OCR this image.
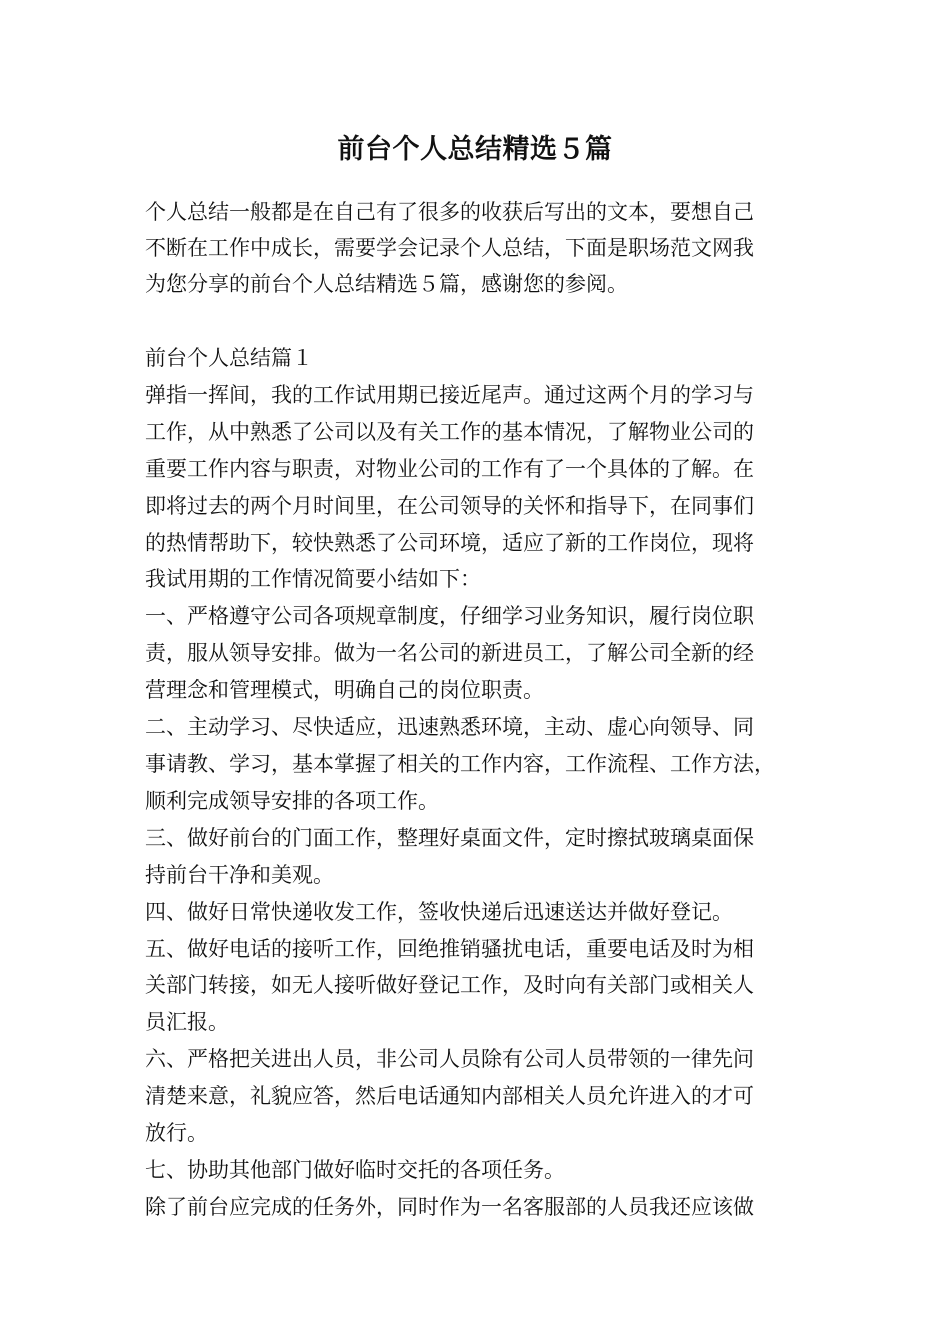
前台个人总结精选５篇
个人总结一般都是在自己有了很多的收获后写出的文本，要想自己
不断在工作中成长，需要学会记录个人总结，下面是职场范文网我
为您分享的前台个人总结精选５篇，感谢您的参阅。
前台个人总结篇１
弹指一挥间，我的工作试用期已接近尾声。通过这两个月的学习与
工作，从中熟悉了公司以及有关工作的基本情况，了解物业公司的
重要工作内容与职责，对物业公司的工作有了一个具体的了解。在
即将过去的两个月时间里，在公司领导的关怀和指导下，在同事们
的热情帮助下，较快熟悉了公司环境，适应了新的工作岗位，现将
我试用期的工作情况简要小结如下：
一、严格遵守公司各项规章制度，仔细学习业务知识，履行岗位职
责，服从领导安排。做为一名公司的新进员工，了解公司全新的经
营理念和管理模式，明确自己的岗位职责。
二、主动学习、尽快适应，迅速熟悉环境，主动、虚心向领导、同
事请教、学习，基本掌握了相关的工作内容，工作流程、工作方法，
顺利完成领导安排的各项工作。
三、做好前台的门面工作，整理好桌面文件，定时擦拭玻璃桌面保
持前台干净和美观。
四、做好日常快递收发工作，签收快递后迅速送达并做好登记。
五、做好电话的接听工作，回绝推销骚扰电话，重要电话及时为相
关部门转接，如无人接听做好登记工作，及时向有关部门或相关人
员汇报。
六、严格把关进出人员，非公司人员除有公司人员带领的一律先问
清楚来意，礼貌应答，然后电话通知内部相关人员允许进入的才可
放行。
七、协助其他部门做好临时交托的各项任务。
除了前台应完成的任务外，同时作为一名客服部的人员我还应该做
